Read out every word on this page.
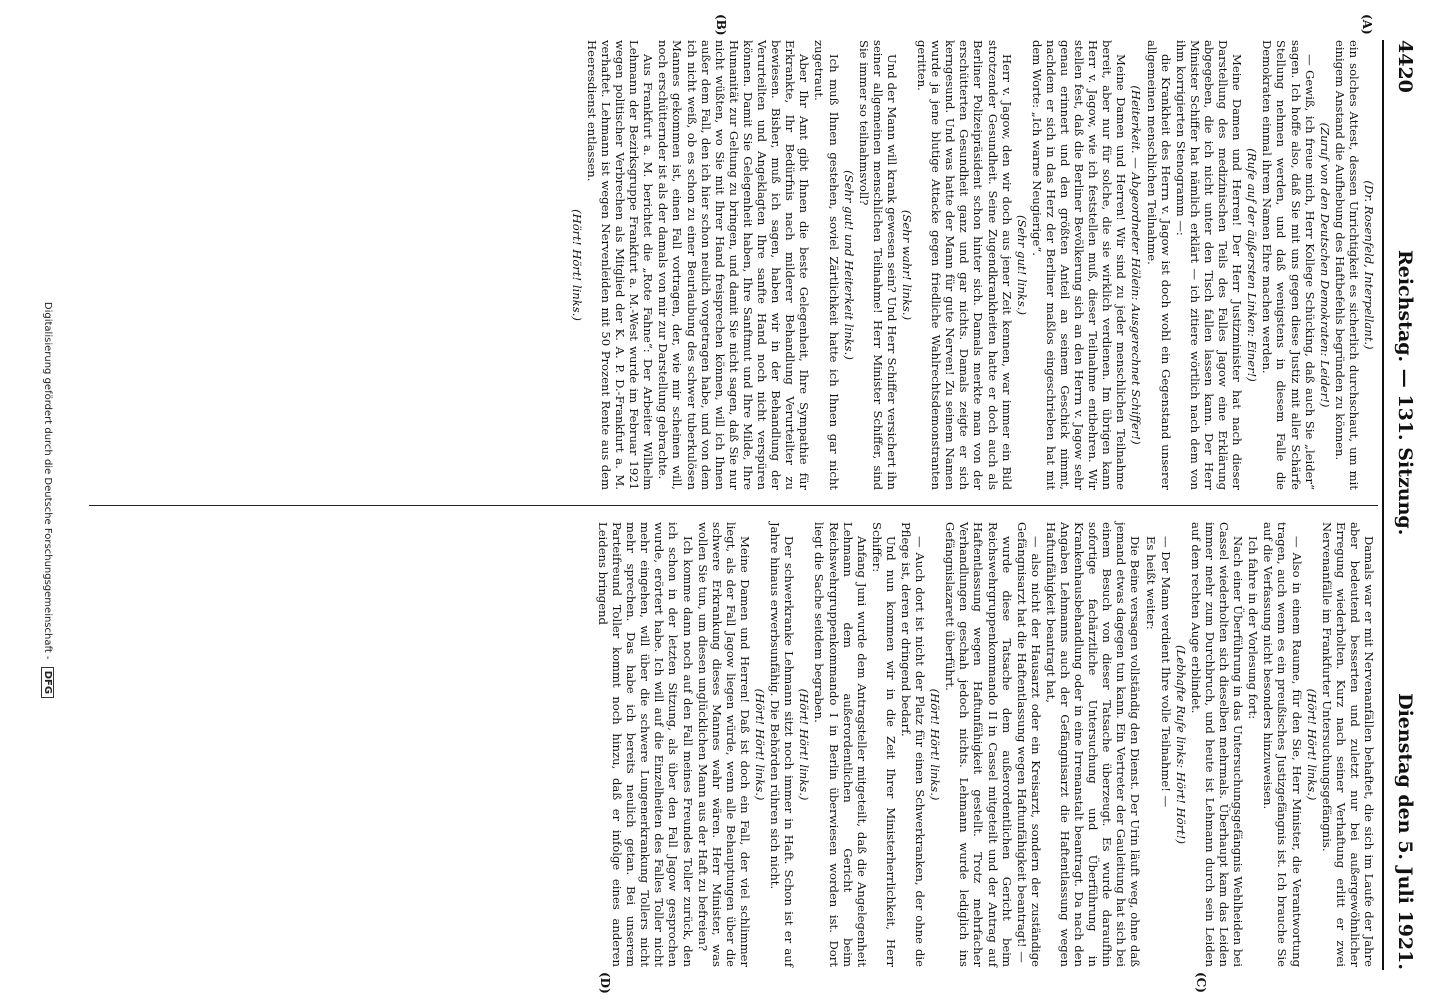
4420
Reichstag. — 131. Sitzung.
Dienstag den 5. Juli 1921.
(A)
(B)
(C)
(D)

(Dr. Rosenfeld, Interpellant.)

ein solches Attest, dessen Unrichtigkeit es sicherlich durchschaut, um mit einigem Anstand die Aufhebung des Haftbefehls begründen zu können.

(Zuruf von den Deutschen Demokraten: Leider!)

— Gewiß, ich freue mich, Herr Kollege Schücking, daß auch Sie „leider“ sagen. Ich hoffe also, daß Sie mit uns gegen diese Justiz mit aller Schärfe Stellung nehmen werden, und daß wenigstens in diesem Falle die Demokraten einmal ihrem Namen Ehre machen werden.

(Rufe auf der äußersten Linken: Einer!)

Meine Damen und Herren! Der Herr Justizminister hat nach dieser Darstellung des medizinischen Teils des Falles Jagow eine Erklärung abgegeben, die ich nicht unter den Tisch fallen lassen kann. Der Herr Minister Schiffer hat nämlich erklärt — ich zitiere wörtlich nach dem von ihm korrigierten Stenogramm —:

die Krankheit des Herrn v. Jagow ist doch wohl ein Gegenstand unserer allgemeinen menschlichen Teilnahme.

(Heiterkeit. — Abgeordneter Hölein: Ausgerechnet Schiffer!)

Meine Damen und Herren! Wir sind zu jeder menschlichen Teilnahme bereit, aber nur für solche, die sie wirklich verdienen. Im übrigen kann Herr v. Jagow, wie ich feststellen muß, dieser Teilnahme entbehren. Wir stellen fest, daß die Berliner Bevölkerung sich an den Herrn v. Jagow sehr genau erinnert und den größten Anteil an seinem Geschick nimmt, nachdem er sich in das Herz der Berliner maßlos eingeschrieben hat mit dem Worte: „Ich warne Neugierige“.

(Sehr gut! links.)

Herr v. Jagow, den wir doch aus jener Zeit kennen, war immer ein Bild strotzender Gesundheit. Seine Zugendkrankheiten hatte er doch auch als Berliner Polizeipräsident schon hinter sich. Damals merkte man von der erschütterten Gesundheit ganz und gar nichts. Damals zeigte er sich kerngesund. Und was hatte der Mann für gute Nerven! Zu seinem Namen wurde ja jene blutige Attacke gegen friedliche Wahlrechtsdemonstranten geritten.

(Sehr wahr! links.)

Und der Mann will krank gewesen sein? Und Herr Schiffer versichert ihn seiner allgemeinen menschlichen Teilnahme! Herr Minister Schiffer, sind Sie immer so teilnahmsvoll?

(Sehr gut! und Heiterkeit links.)

Ich muß Ihnen gestehen, soviel Zärtlichkeit hatte ich Ihnen gar nicht zugetraut.

Aber Ihr Amt gibt Ihnen die beste Gelegenheit, Ihre Sympathie für Erkrankte, Ihr Bedürfnis nach milderer Behandlung Verurteilter zu bewiesen. Bisher, muß ich sagen, haben wir in der Behandlung der Verurteilten und Angeklagten Ihre sanfte Hand noch nicht verspüren können. Damit Sie Gelegenheit haben, Ihre Sanftmut und Ihre Milde, Ihre Humanität zur Geltung zu bringen, und damit Sie nicht sagen, daß Sie nur nicht wüßten, wo Sie mit Ihrer Hand freisprechen können, will ich Ihnen außer dem Fall, den ich hier schon neulich vorgetragen habe, und von dem ich nicht weiß, ob es schon zu einer Beurlaubung des schwer tuberkulösen Mannes gekommen ist, einen Fall vortragen, der, wie mir scheinen will, noch erschütternder ist als der damals von mir zur Darstellung gebrachte.

Aus Frankfurt a. M. berichtet die „Rote Fahne“: Der Arbeiter Wilhelm Lehmann der Bezirksgruppe Frankfurt a. M.-West wurde im Februar 1921 wegen politischer Verbrechen als Mitglied der K. A. P. D.-Frankfurt a. M. verhaftet. Lehmann ist wegen Nervenleiden mit 50 Prozent Rente aus dem Heeresdienst entlassen.

(Hört! Hört! links.)

Damals war er mit Nervenanfällen behaftet, die sich im Laufe der Jahre aber bedeutend besserten und zuletzt nur bei außergewöhnlicher Erregung wiederholten. Kurz nach seiner Verhaftung erlitt er zwei Nervenanfälle im Frankfurter Untersuchungsgefängnis.

(Hört! Hört! links.)

— Also in einem Raume, für den Sie, Herr Minister, die Verantwortung tragen, auch wenn es ein preußisches Justizgefängnis ist. Ich brauche Sie auf die Verfassung nicht besonders hinzuweisen.

Ich fahre in der Vorlesung fort:

Nach einer Überführung in das Untersuchungsgefängnis Wehlheiden bei Cassel wiederholten sich dieselben mehrmals. Überhaupt kam das Leiden immer mehr zum Durchbruch, und heute ist Lehmann durch sein Leiden auf dem rechten Auge erblindet.

(Lebhafte Rufe links: Hört! Hört!)

— Der Mann verdient Ihre volle Teilnahme! —

Es heißt weiter:

Die Beine versagen vollständig den Dienst. Der Urin läuft weg, ohne daß jemand etwas dagegen tun kann. Ein Vertreter der Gauleitung hat sich bei einem Besuch von dieser Tatsache überzeugt. Es wurde daraufhin sofortige fachärztliche Untersuchung und Überführung in Krankenhausbehandlung oder in eine Irrenanstalt beantragt. Da nach den Angaben Lehmanns auch der Gefängnisarzt die Haftentlassung wegen Haftunfähigkeit beantragt hat,

— also nicht der Hausarzt oder ein Kreisarzt, sondern der zuständige Gefängnisarzt hat die Haftentlassung wegen Haftunfähigkeit beantragt! —

wurde diese Tatsache dem außerordentlichen Gericht beim Reichswehrgruppenkommando II in Cassel mitgeteilt und der Antrag auf Haftentlassung wegen Haftunfähigkeit gestellt. Trotz mehrfacher Verhandlungen geschah jedoch nichts. Lehmann wurde lediglich ins Gefängnislazarett überführt.

(Hört! Hört! links.)

— Auch dort ist nicht der Platz für einen Schwerkranken, der ohne die Pflege ist, deren er dringend bedarf.

Und nun kommen wir in die Zeit Ihrer Ministerherrlichkeit, Herr Schiffer:

Anfang Juni wurde dem Antragsteller mitgeteilt, daß die Angelegenheit Lehmann dem außerordentlichen Gericht beim Reichswehrgruppenkommando I in Berlin überwiesen worden ist. Dort liegt die Sache seitdem begraben.

(Hört! Hört! links.)

Der schwerkranke Lehmann sitzt noch immer in Haft. Schon ist er auf Jahre hinaus erwerbsunfähig. Die Behörden rühren sich nicht.

(Hört! Hört! links.)

Meine Damen und Herren! Daß ist doch ein Fall, der viel schlimmer liegt, als der Fall Jagow liegen würde, wenn alle Behauptungen über die schwere Erkrankung dieses Mannes wahr wären. Herr Minister, was wollen Sie tun, um diesen unglücklichen Mann aus der Haft zu befreien?

Ich komme dann noch auf den Fall meines Freundes Toller zurück, den ich schon in der letzten Sitzung, als über den Fall Jagow gesprochen wurde, erörtert habe. Ich will auf die Einzelheiten des Falles Toller nicht mehr eingehen, will über die schwere Lungenerkrankung Tollers nicht mehr sprechen. Das habe ich bereits neulich getan. Bei unserem Parteifreund Toller kommt noch hinzu, daß er infolge eines anderen Leidens bringend

Digitalisierung gefördert durch die Deutsche Forschungsgemeinschaft - DFG
